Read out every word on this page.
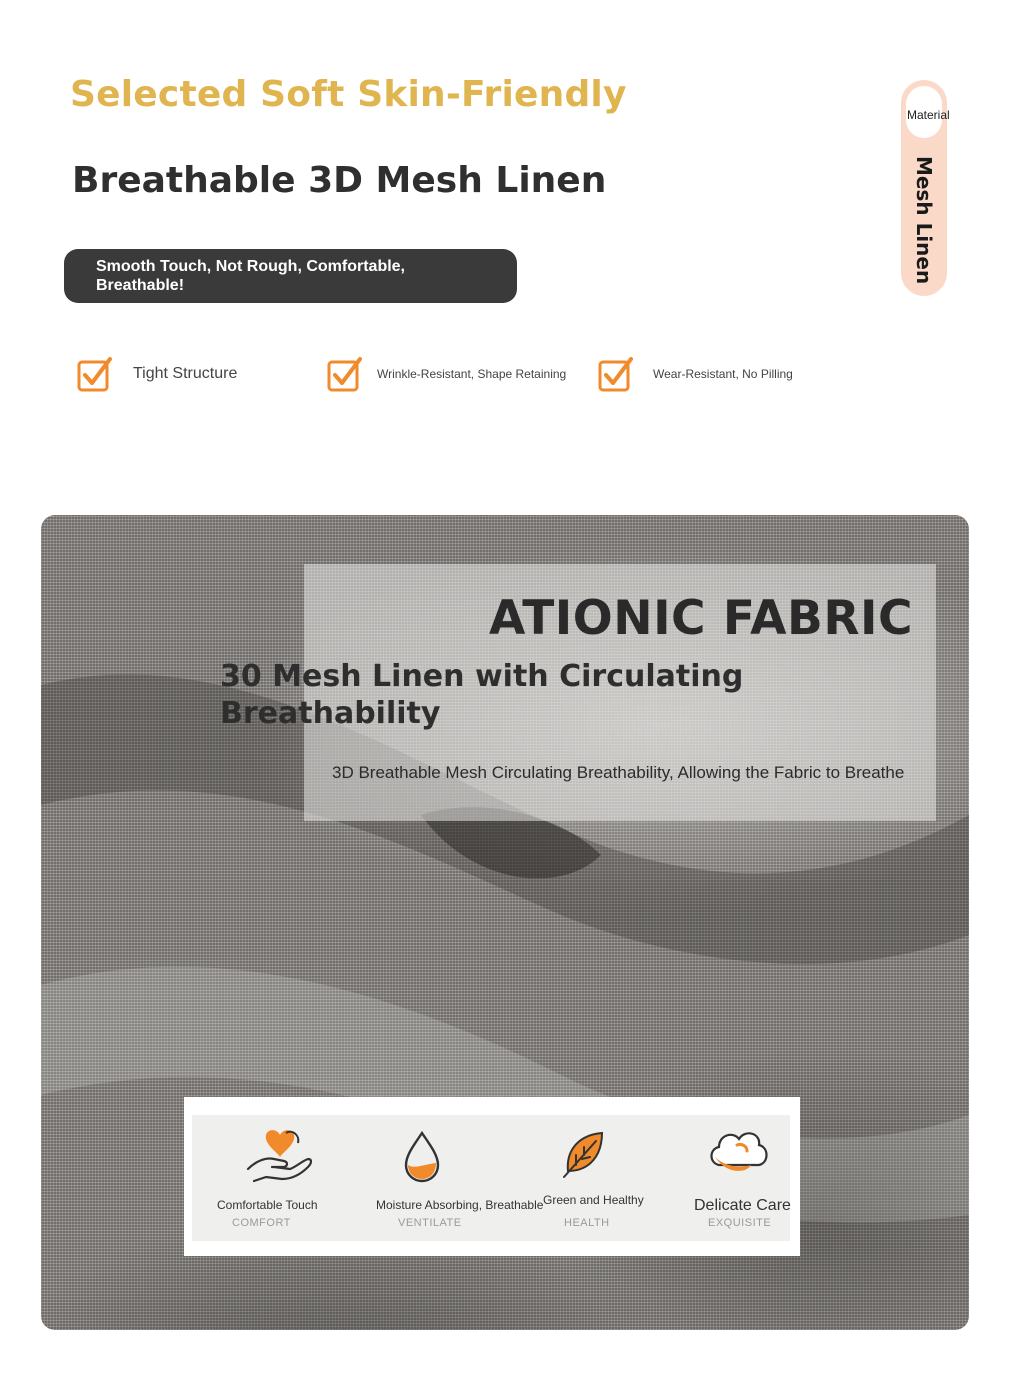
Selected Soft Skin-Friendly
Breathable 3D Mesh Linen
Smooth Touch, Not Rough, Comfortable, Breathable!
Material
Mesh Linen
Tight Structure	Wrinkle-Resistant, Shape Retaining	Wear-Resistant, No Pilling
ATIONIC FABRIC
30 Mesh Linen with Circulating Breathability
3D Breathable Mesh Circulating Breathability, Allowing the Fabric to Breathe
Comfortable Touch
COMFORT
Moisture Absorbing, Breathable
VENTILATE
Green and Healthy
HEALTH
Delicate Care
EXQUISITE
